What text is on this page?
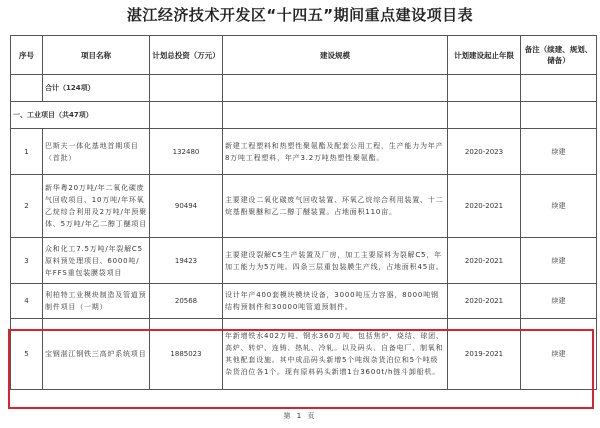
湛江经济技术开发区“十四五”期间重点建设项目表
序号	项目名称	计划总投资（万元）	建设规模	计划建设起止年限	备注（续建、规划、储备）
	合计（124项）				
一、工业项目（共47项）					
1	巴斯夫一体化基地首期项目（首批）	132480	新建工程塑料和热塑性聚氨酯及配套公用工程，生产能力为年产8万吨工程塑料，年产3.2万吨热塑性聚氨酯。	2020-2023	续建
2	新华粤20万吨/年二氧化碳废气回收项目、10万吨/年环氧乙烷综合利用及2万吨/年预聚体、5万吨/年乙二醇丁醚项目	90494	主要建设二氧化碳废气回收装置、环氧乙烷综合利用装置、十二烷基酚聚醚和乙二醇丁醚装置。占地面积110亩。	2020-2021	续建
3	众和化工7.5万吨/年裂解C5原料预处理项目、6000吨/年FFS重包装膜袋项目	19423	主要建设裂解C5生产装置及厂房，加工主要原料为裂解C5，年加工能力为5万吨。四条三层重包装膜生产线，占地面积45亩。	2020-2021	续建
4	利柏特工业模块制造及管道预制件项目（一期）	20568	设计年产400套模块模块设备，3000吨压力容器，8000吨钢结构预制件和30000吨管道预制件。	2020-2021	续建
5	宝钢湛江钢铁三高炉系统项目	1885023	年新增铁水402万吨、钢水360万吨。包括焦炉、烧结、球团、高炉、转炉、连铸、热轧、冷轧。以及码头、自备电厂、制氧和其他配套设施。其中成品码头新增5个吨级杂货泊位和5个吨级杂货泊位各1个。现有原料码头新增1台3600t/h链斗卸船机。	2019-2021	续建
第 1 页
